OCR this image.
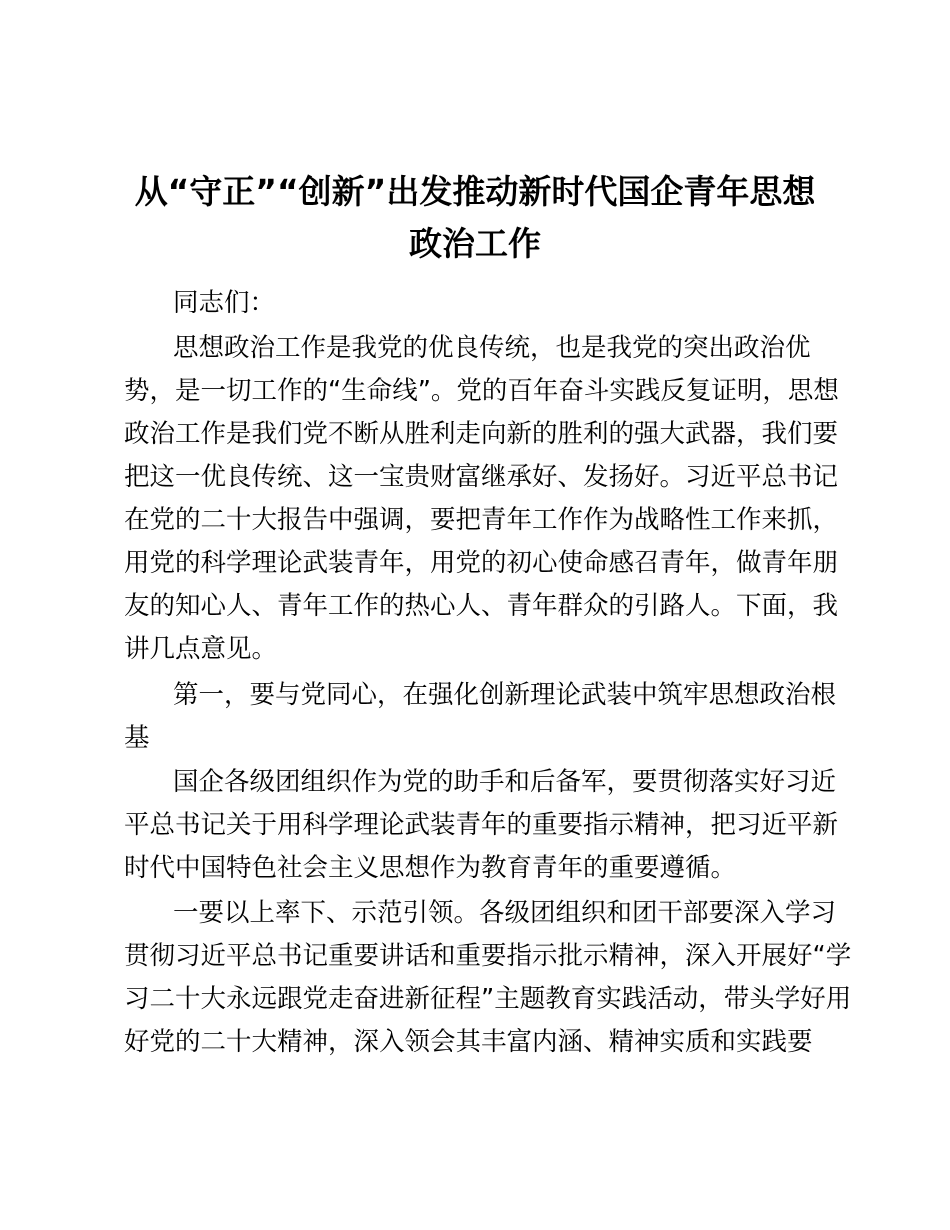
从“守正”“创新”出发推动新时代国企青年思想
政治工作
同志们：
思想政治工作是我党的优良传统，也是我党的突出政治优
势，是一切工作的“生命线”。党的百年奋斗实践反复证明，思想
政治工作是我们党不断从胜利走向新的胜利的强大武器，我们要
把这一优良传统、这一宝贵财富继承好、发扬好。习近平总书记
在党的二十大报告中强调，要把青年工作作为战略性工作来抓，
用党的科学理论武装青年，用党的初心使命感召青年，做青年朋
友的知心人、青年工作的热心人、青年群众的引路人。下面，我
讲几点意见。
第一，要与党同心，在强化创新理论武装中筑牢思想政治根
基
国企各级团组织作为党的助手和后备军，要贯彻落实好习近
平总书记关于用科学理论武装青年的重要指示精神，把习近平新
时代中国特色社会主义思想作为教育青年的重要遵循。
一要以上率下、示范引领。各级团组织和团干部要深入学习
贯彻习近平总书记重要讲话和重要指示批示精神，深入开展好“学
习二十大永远跟党走奋进新征程”主题教育实践活动，带头学好用
好党的二十大精神，深入领会其丰富内涵、精神实质和实践要
